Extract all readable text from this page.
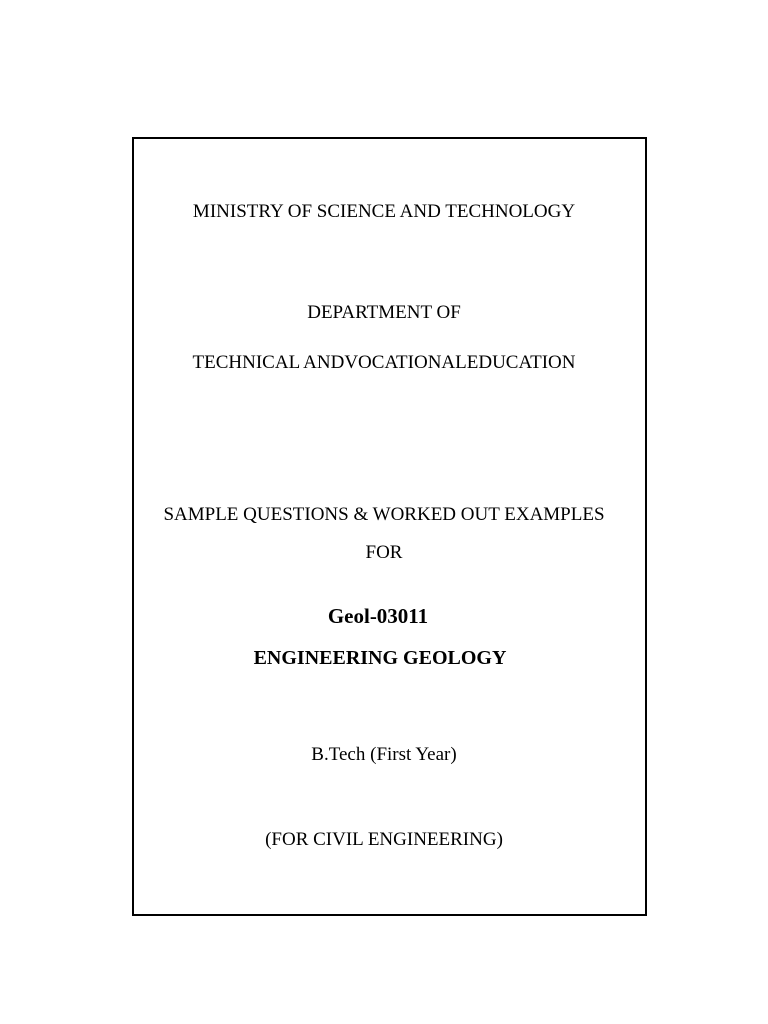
MINISTRY OF SCIENCE AND TECHNOLOGY
DEPARTMENT OF
TECHNICAL ANDVOCATIONALEDUCATION
SAMPLE QUESTIONS & WORKED OUT EXAMPLES
FOR
Geol-03011
ENGINEERING GEOLOGY
B.Tech (First Year)
(FOR CIVIL ENGINEERING)
